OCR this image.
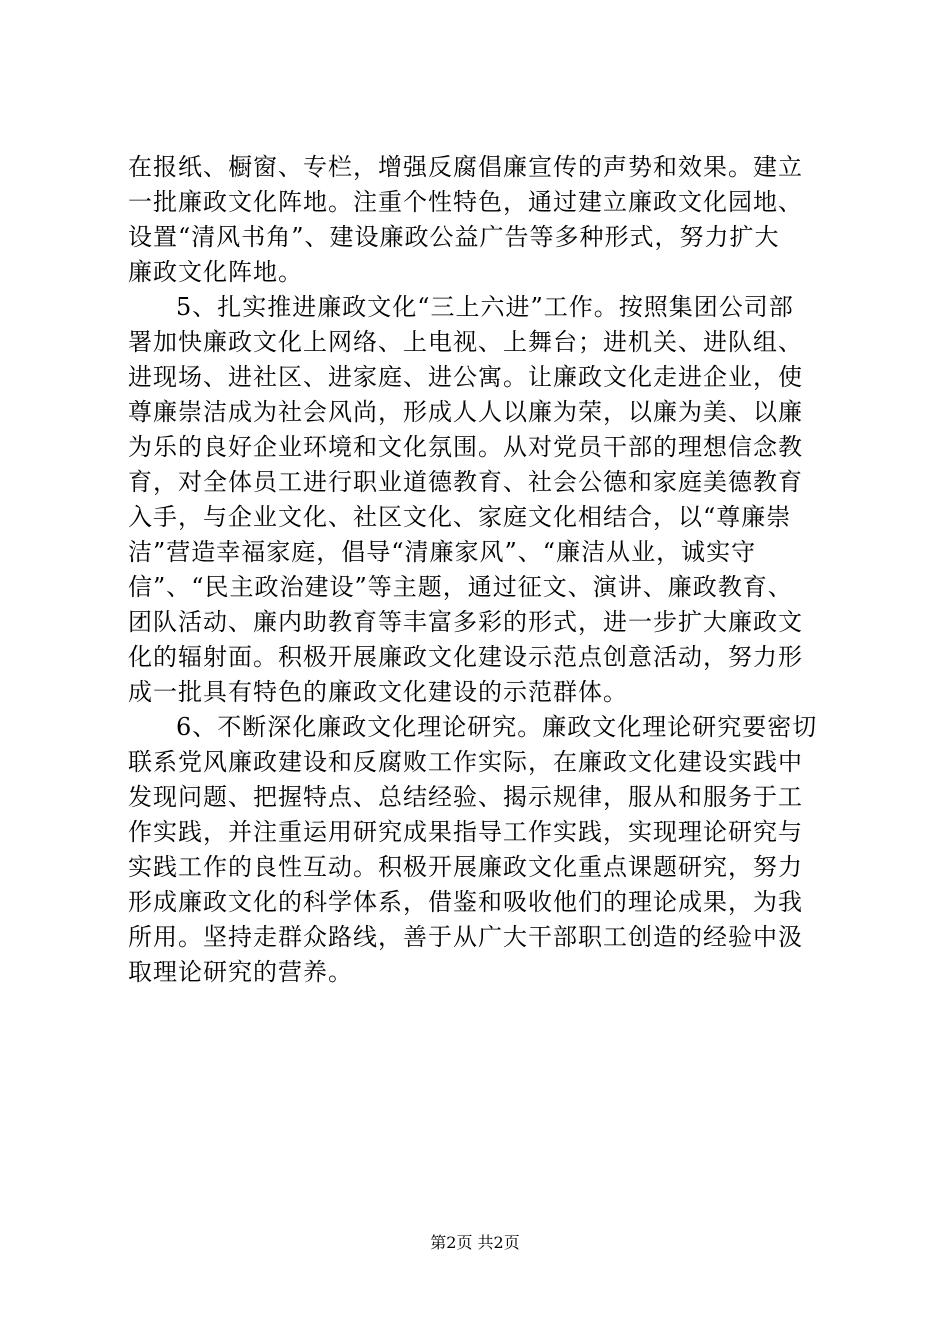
在报纸、橱窗、专栏，增强反腐倡廉宣传的声势和效果。建立
一批廉政文化阵地。注重个性特色，通过建立廉政文化园地、
设置“清风书角”、建设廉政公益广告等多种形式，努力扩大
廉政文化阵地。
5、扎实推进廉政文化“三上六进”工作。按照集团公司部
署加快廉政文化上网络、上电视、上舞台；进机关、进队组、
进现场、进社区、进家庭、进公寓。让廉政文化走进企业，使
尊廉崇洁成为社会风尚，形成人人以廉为荣，以廉为美、以廉
为乐的良好企业环境和文化氛围。从对党员干部的理想信念教
育，对全体员工进行职业道德教育、社会公德和家庭美德教育
入手，与企业文化、社区文化、家庭文化相结合，以“尊廉崇
洁”营造幸福家庭，倡导“清廉家风”、“廉洁从业，诚实守
信”、“民主政治建设”等主题，通过征文、演讲、廉政教育、
团队活动、廉内助教育等丰富多彩的形式，进一步扩大廉政文
化的辐射面。积极开展廉政文化建设示范点创意活动，努力形
成一批具有特色的廉政文化建设的示范群体。
6、不断深化廉政文化理论研究。廉政文化理论研究要密切
联系党风廉政建设和反腐败工作实际，在廉政文化建设实践中
发现问题、把握特点、总结经验、揭示规律，服从和服务于工
作实践，并注重运用研究成果指导工作实践，实现理论研究与
实践工作的良性互动。积极开展廉政文化重点课题研究，努力
形成廉政文化的科学体系，借鉴和吸收他们的理论成果，为我
所用。坚持走群众路线，善于从广大干部职工创造的经验中汲
取理论研究的营养。
第2页 共2页
